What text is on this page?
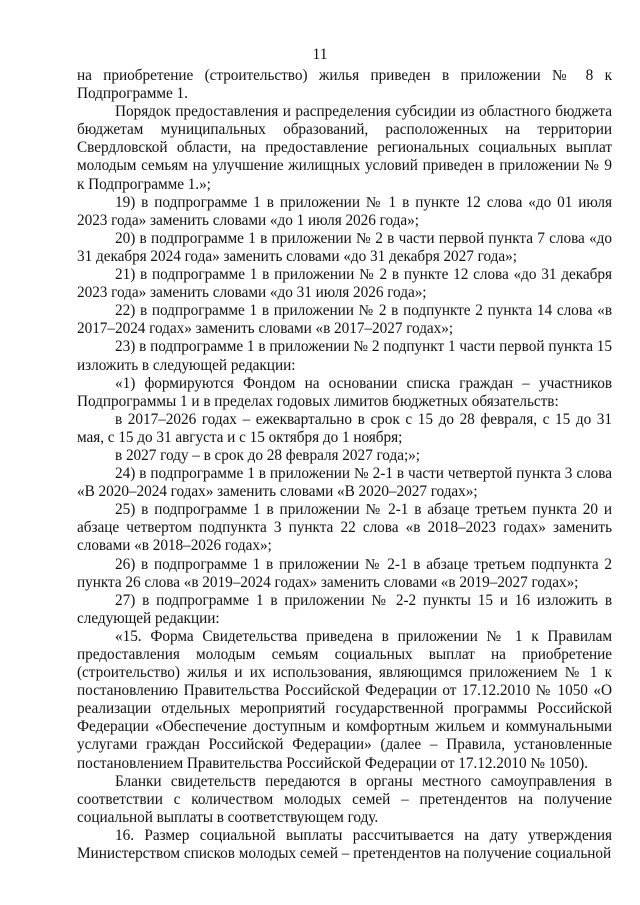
11

на приобретение (строительство) жилья приведен в приложении № 8 к Подпрограмме 1.

Порядок предоставления и распределения субсидии из областного бюджета бюджетам муниципальных образований, расположенных на территории Свердловской области, на предоставление региональных социальных выплат молодым семьям на улучшение жилищных условий приведен в приложении № 9 к Подпрограмме 1.»;

19) в подпрограмме 1 в приложении № 1 в пункте 12 слова «до 01 июля 2023 года» заменить словами «до 1 июля 2026 года»;

20) в подпрограмме 1 в приложении № 2 в части первой пункта 7 слова «до 31 декабря 2024 года» заменить словами «до 31 декабря 2027 года»;

21) в подпрограмме 1 в приложении № 2 в пункте 12 слова «до 31 декабря 2023 года» заменить словами «до 31 июля 2026 года»;

22) в подпрограмме 1 в приложении № 2 в подпункте 2 пункта 14 слова «в 2017–2024 годах» заменить словами «в 2017–2027 годах»;

23) в подпрограмме 1 в приложении № 2 подпункт 1 части первой пункта 15 изложить в следующей редакции:

«1) формируются Фондом на основании списка граждан – участников Подпрограммы 1 и в пределах годовых лимитов бюджетных обязательств:

в 2017–2026 годах – ежеквартально в срок с 15 до 28 февраля, с 15 до 31 мая, с 15 до 31 августа и с 15 октября до 1 ноября;

в 2027 году – в срок до 28 февраля 2027 года;»;

24) в подпрограмме 1 в приложении № 2-1 в части четвертой пункта 3 слова «В 2020–2024 годах» заменить словами «В 2020–2027 годах»;

25) в подпрограмме 1 в приложении № 2-1 в абзаце третьем пункта 20 и абзаце четвертом подпункта 3 пункта 22 слова «в 2018–2023 годах» заменить словами «в 2018–2026 годах»;

26) в подпрограмме 1 в приложении № 2-1 в абзаце третьем подпункта 2 пункта 26 слова «в 2019–2024 годах» заменить словами «в 2019–2027 годах»;

27) в подпрограмме 1 в приложении № 2-2 пункты 15 и 16 изложить в следующей редакции:

«15. Форма Свидетельства приведена в приложении № 1 к Правилам предоставления молодым семьям социальных выплат на приобретение (строительство) жилья и их использования, являющимся приложением № 1 к постановлению Правительства Российской Федерации от 17.12.2010 № 1050 «О реализации отдельных мероприятий государственной программы Российской Федерации «Обеспечение доступным и комфортным жильем и коммунальными услугами граждан Российской Федерации» (далее – Правила, установленные постановлением Правительства Российской Федерации от 17.12.2010 № 1050).

Бланки свидетельств передаются в органы местного самоуправления в соответствии с количеством молодых семей – претендентов на получение социальной выплаты в соответствующем году.

16. Размер социальной выплаты рассчитывается на дату утверждения Министерством списков молодых семей – претендентов на получение социальной
